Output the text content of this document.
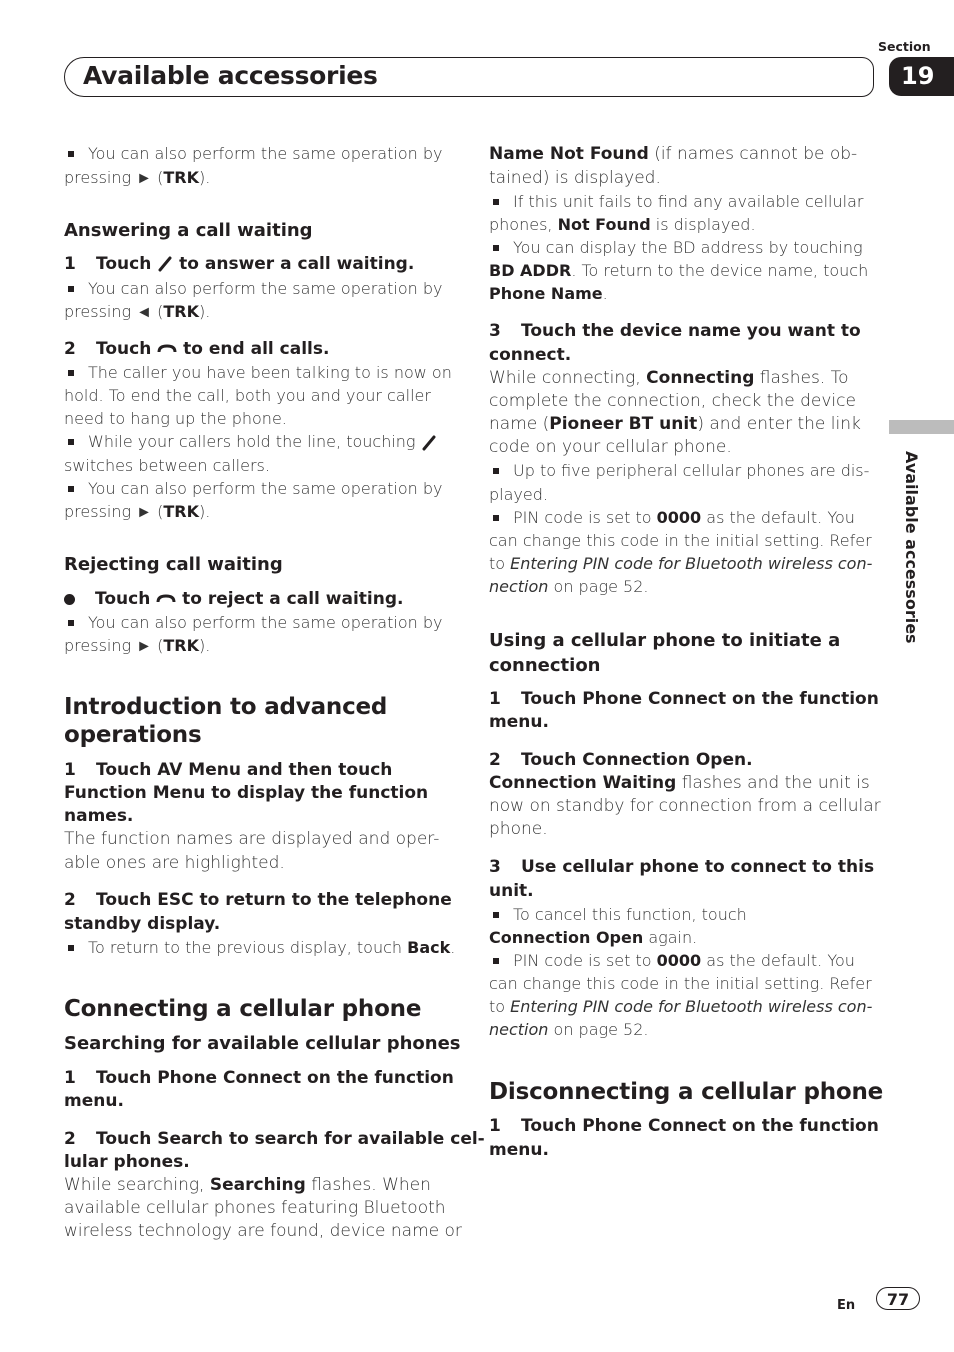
Section
Available accessories	19
Available accessories
You can also perform the same operation by
pressing ► (TRK).
Answering a call waiting
1 Touch to answer a call waiting.
You can also perform the same operation by
pressing ◄ (TRK).
2 Touch to end all calls.
The caller you have been talking to is now on
hold. To end the call, both you and your caller
need to hang up the phone.
While your callers hold the line, touching
switches between callers.
You can also perform the same operation by
pressing ► (TRK).
Rejecting call waiting
Touch to reject a call waiting.
You can also perform the same operation by
pressing ► (TRK).
Introduction to advanced
operations
1 Touch AV Menu and then touch
Function Menu to display the function
names.
The function names are displayed and oper-
able ones are highlighted.
2 Touch ESC to return to the telephone
standby display.
To return to the previous display, touch Back.
Connecting a cellular phone
Searching for available cellular phones
1 Touch Phone Connect on the function
menu.
2 Touch Search to search for available cel-
lular phones.
While searching, Searching flashes. When
available cellular phones featuring Bluetooth
wireless technology are found, device name or
Name Not Found (if names cannot be ob-
tained) is displayed.
If this unit fails to find any available cellular
phones, Not Found is displayed.
You can display the BD address by touching
BD ADDR. To return to the device name, touch
Phone Name.
3 Touch the device name you want to
connect.
While connecting, Connecting flashes. To
complete the connection, check the device
name (Pioneer BT unit) and enter the link
code on your cellular phone.
Up to five peripheral cellular phones are dis-
played.
PIN code is set to 0000 as the default. You
can change this code in the initial setting. Refer
to Entering PIN code for Bluetooth wireless con-
nection on page 52.
Using a cellular phone to initiate a
connection
1 Touch Phone Connect on the function
menu.
2 Touch Connection Open.
Connection Waiting flashes and the unit is
now on standby for connection from a cellular
phone.
3 Use cellular phone to connect to this
unit.
To cancel this function, touch
Connection Open again.
PIN code is set to 0000 as the default. You
can change this code in the initial setting. Refer
to Entering PIN code for Bluetooth wireless con-
nection on page 52.
Disconnecting a cellular phone
1 Touch Phone Connect on the function
menu.
En	77
